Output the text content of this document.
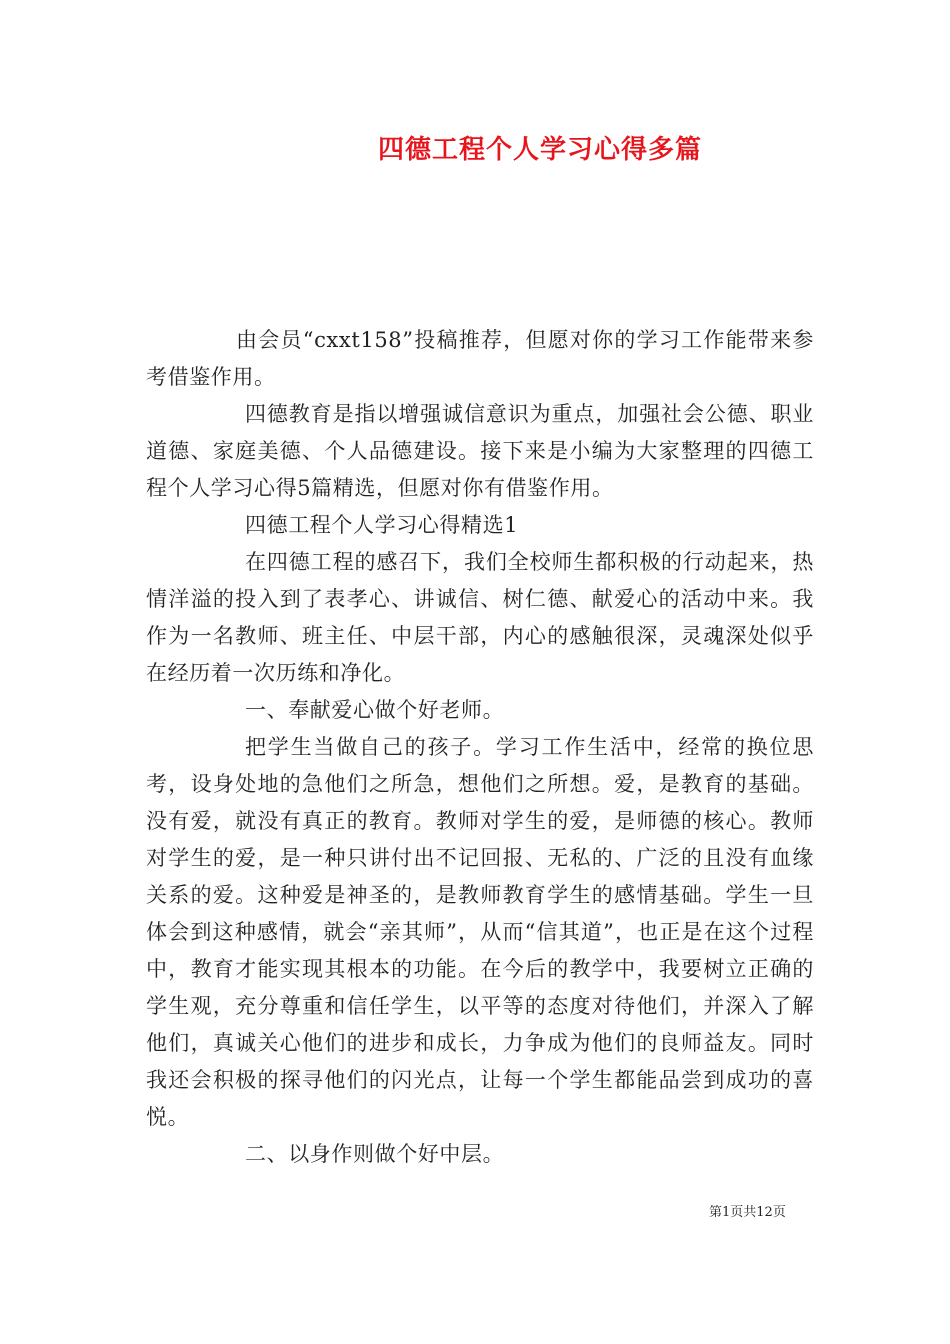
四德工程个人学习心得多篇

由会员“cxxt158”投稿推荐，但愿对你的学习工作能带来参考借鉴作用。

四德教育是指以增强诚信意识为重点，加强社会公德、职业道德、家庭美德、个人品德建设。接下来是小编为大家整理的四德工程个人学习心得5篇精选，但愿对你有借鉴作用。

四德工程个人学习心得精选1

在四德工程的感召下，我们全校师生都积极的行动起来，热情洋溢的投入到了表孝心、讲诚信、树仁德、献爱心的活动中来。我作为一名教师、班主任、中层干部，内心的感触很深，灵魂深处似乎在经历着一次历练和净化。

一、奉献爱心做个好老师。

把学生当做自己的孩子。学习工作生活中，经常的换位思考，设身处地的急他们之所急，想他们之所想。爱，是教育的基础。没有爱，就没有真正的教育。教师对学生的爱，是师德的核心。教师对学生的爱，是一种只讲付出不记回报、无私的、广泛的且没有血缘关系的爱。这种爱是神圣的，是教师教育学生的感情基础。学生一旦体会到这种感情，就会“亲其师”，从而“信其道”，也正是在这个过程中，教育才能实现其根本的功能。在今后的教学中，我要树立正确的学生观，充分尊重和信任学生，以平等的态度对待他们，并深入了解他们，真诚关心他们的进步和成长，力争成为他们的良师益友。同时我还会积极的探寻他们的闪光点，让每一个学生都能品尝到成功的喜悦。

二、以身作则做个好中层。

第1页共12页
